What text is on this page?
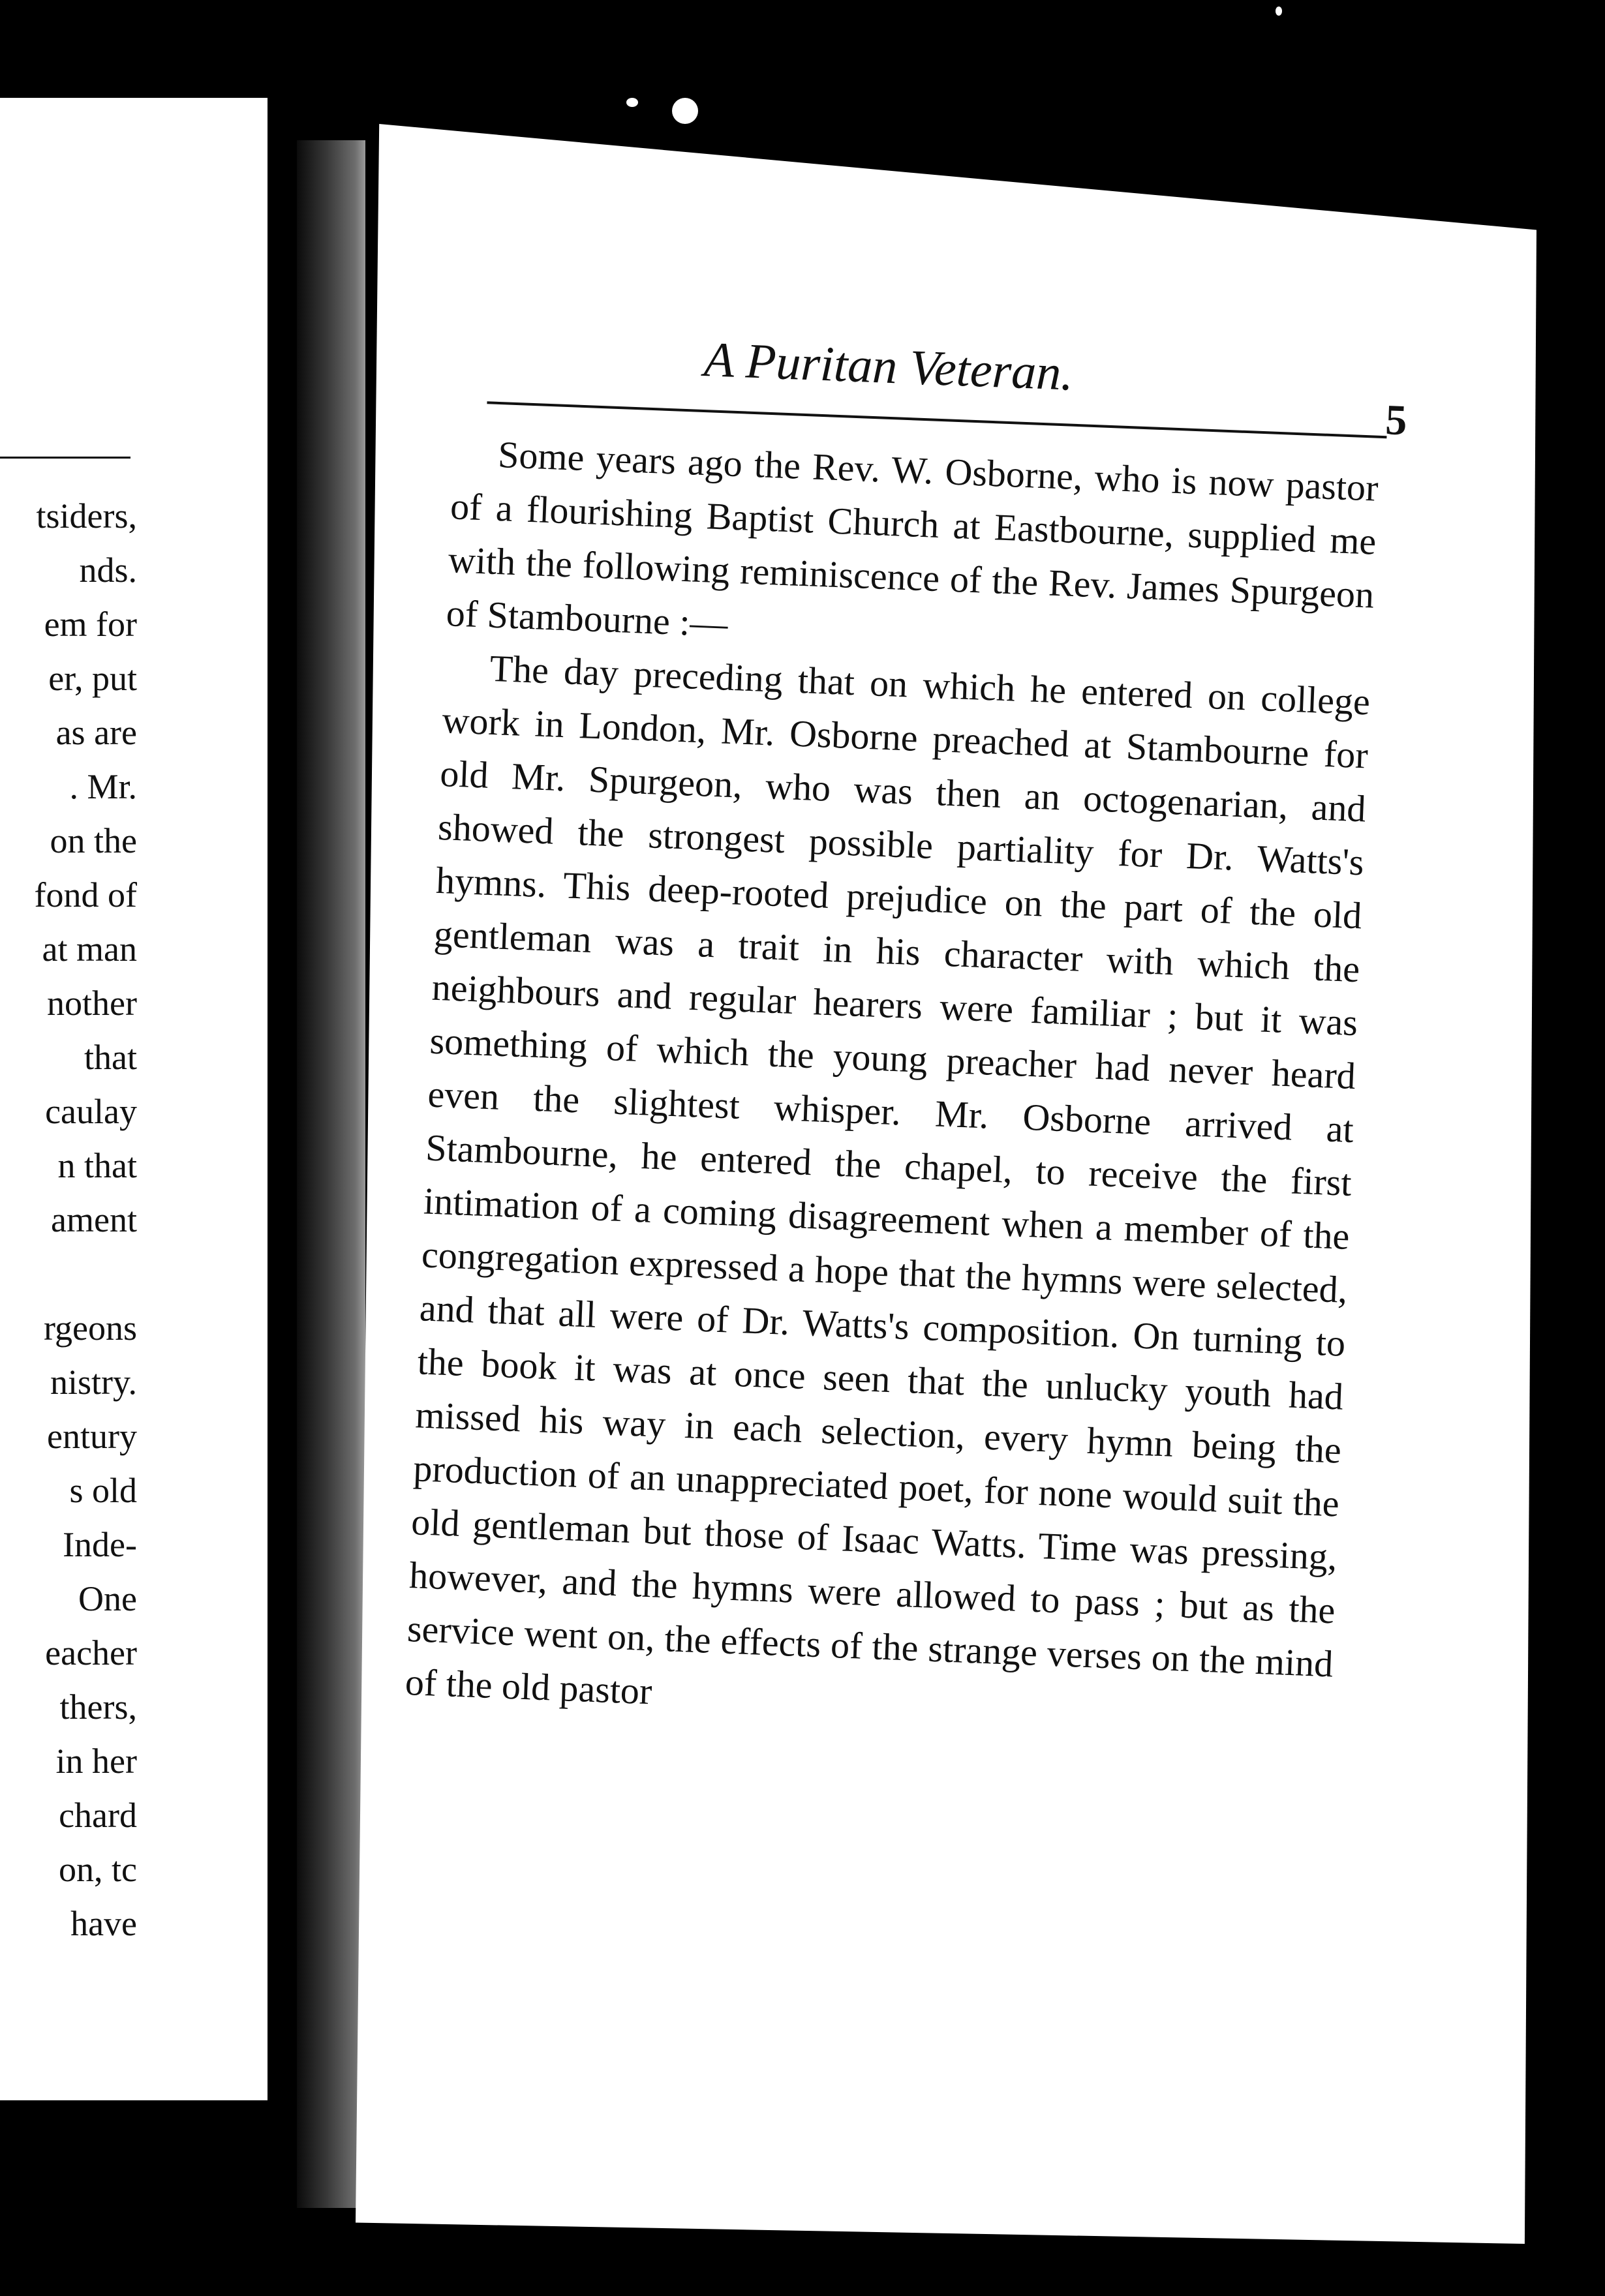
tsiders,
nds.
em for
er, put
as are
. Mr.
on the
fond of
at man
nother
that
caulay
n that
ament
rgeons
nistry.
entury
s old
Inde-
One
eacher
thers,
in her
chard
on, tc
have
A Puritan Veteran.
5

Some years ago the Rev. W. Osborne, who is now pastor of a flourishing Baptist Church at Eastbourne, supplied me with the following reminiscence of the Rev. James Spurgeon of Stambourne :—

The day preceding that on which he entered on college work in London, Mr. Osborne preached at Stambourne for old Mr. Spurgeon, who was then an octogenarian, and showed the strongest possible partiality for Dr. Watts's hymns. This deep-rooted prejudice on the part of the old gentleman was a trait in his character with which the neighbours and regular hearers were familiar ; but it was something of which the young preacher had never heard even the slightest whisper. Mr. Osborne arrived at Stambourne, he entered the chapel, to receive the first intimation of a coming disagreement when a member of the congregation expressed a hope that the hymns were selected, and that all were of Dr. Watts's composition. On turning to the book it was at once seen that the unlucky youth had missed his way in each selection, every hymn being the production of an unappreciated poet, for none would suit the old gentleman but those of Isaac Watts. Time was pressing, however, and the hymns were allowed to pass ; but as the service went on, the effects of the strange verses on the mind of the old pastor
